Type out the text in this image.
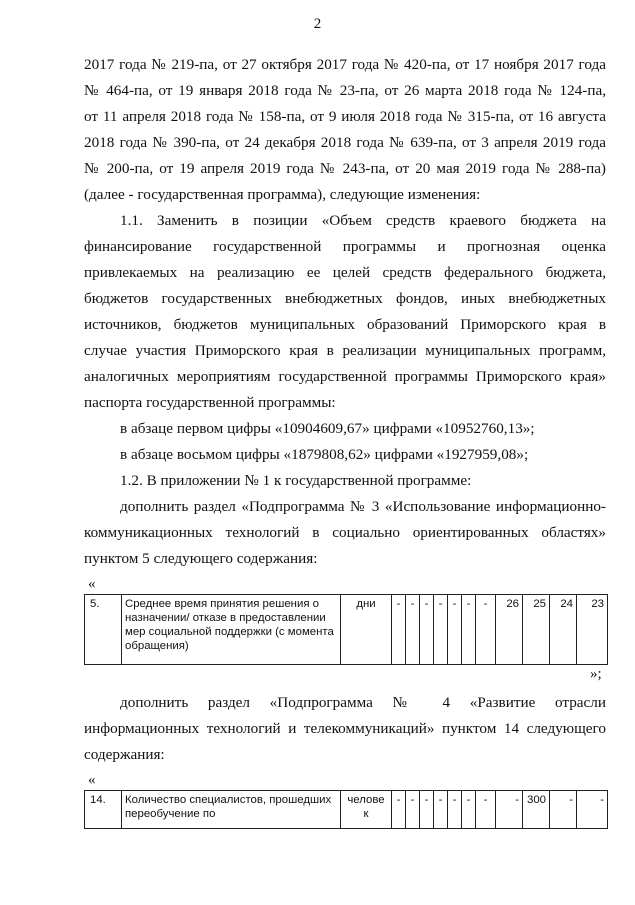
2
2017 года № 219-па, от 27 октября 2017 года № 420-па, от 17 ноября 2017 года
№ 464-па, от 19 января 2018 года № 23-па, от 26 марта 2018 года № 124-па,
от 11 апреля 2018 года № 158-па, от 9 июля 2018 года № 315-па, от 16 августа
2018 года № 390-па, от 24 декабря 2018 года № 639-па, от 3 апреля 2019 года
№ 200-па, от 19 апреля 2019 года № 243-па, от 20 мая 2019 года № 288-па)
(далее - государственная программа), следующие изменения:
1.1. Заменить в позиции «Объем средств краевого бюджета на
финансирование государственной программы и прогнозная оценка
привлекаемых на реализацию ее целей средств федерального бюджета,
бюджетов государственных внебюджетных фондов, иных внебюджетных
источников, бюджетов муниципальных образований Приморского края в
случае участия Приморского края в реализации муниципальных программ,
аналогичных мероприятиям государственной программы Приморского края»
паспорта государственной программы:
в абзаце первом цифры «10904609,67» цифрами «10952760,13»;
в абзаце восьмом цифры «1879808,62» цифрами «1927959,08»;
1.2. В приложении № 1 к государственной программе:
дополнить раздел «Подпрограмма № 3 «Использование информационно-
коммуникационных технологий в социально ориентированных областях»
пунктом 5 следующего содержания:
«
5.	Среднее время принятия решения о назначении/ отказе в предоставлении мер социальной поддержки (с момента обращения)	дни	-	-	-	-	-	-	-	26	25	24	23
»;
дополнить раздел «Подпрограмма № 4 «Развитие отрасли
информационных технологий и телекоммуникаций» пунктом 14 следующего
содержания:
«
14.	Количество специалистов, прошедших переобучение по	челове к	-	-	-	-	-	-	-	-	300	-	-
